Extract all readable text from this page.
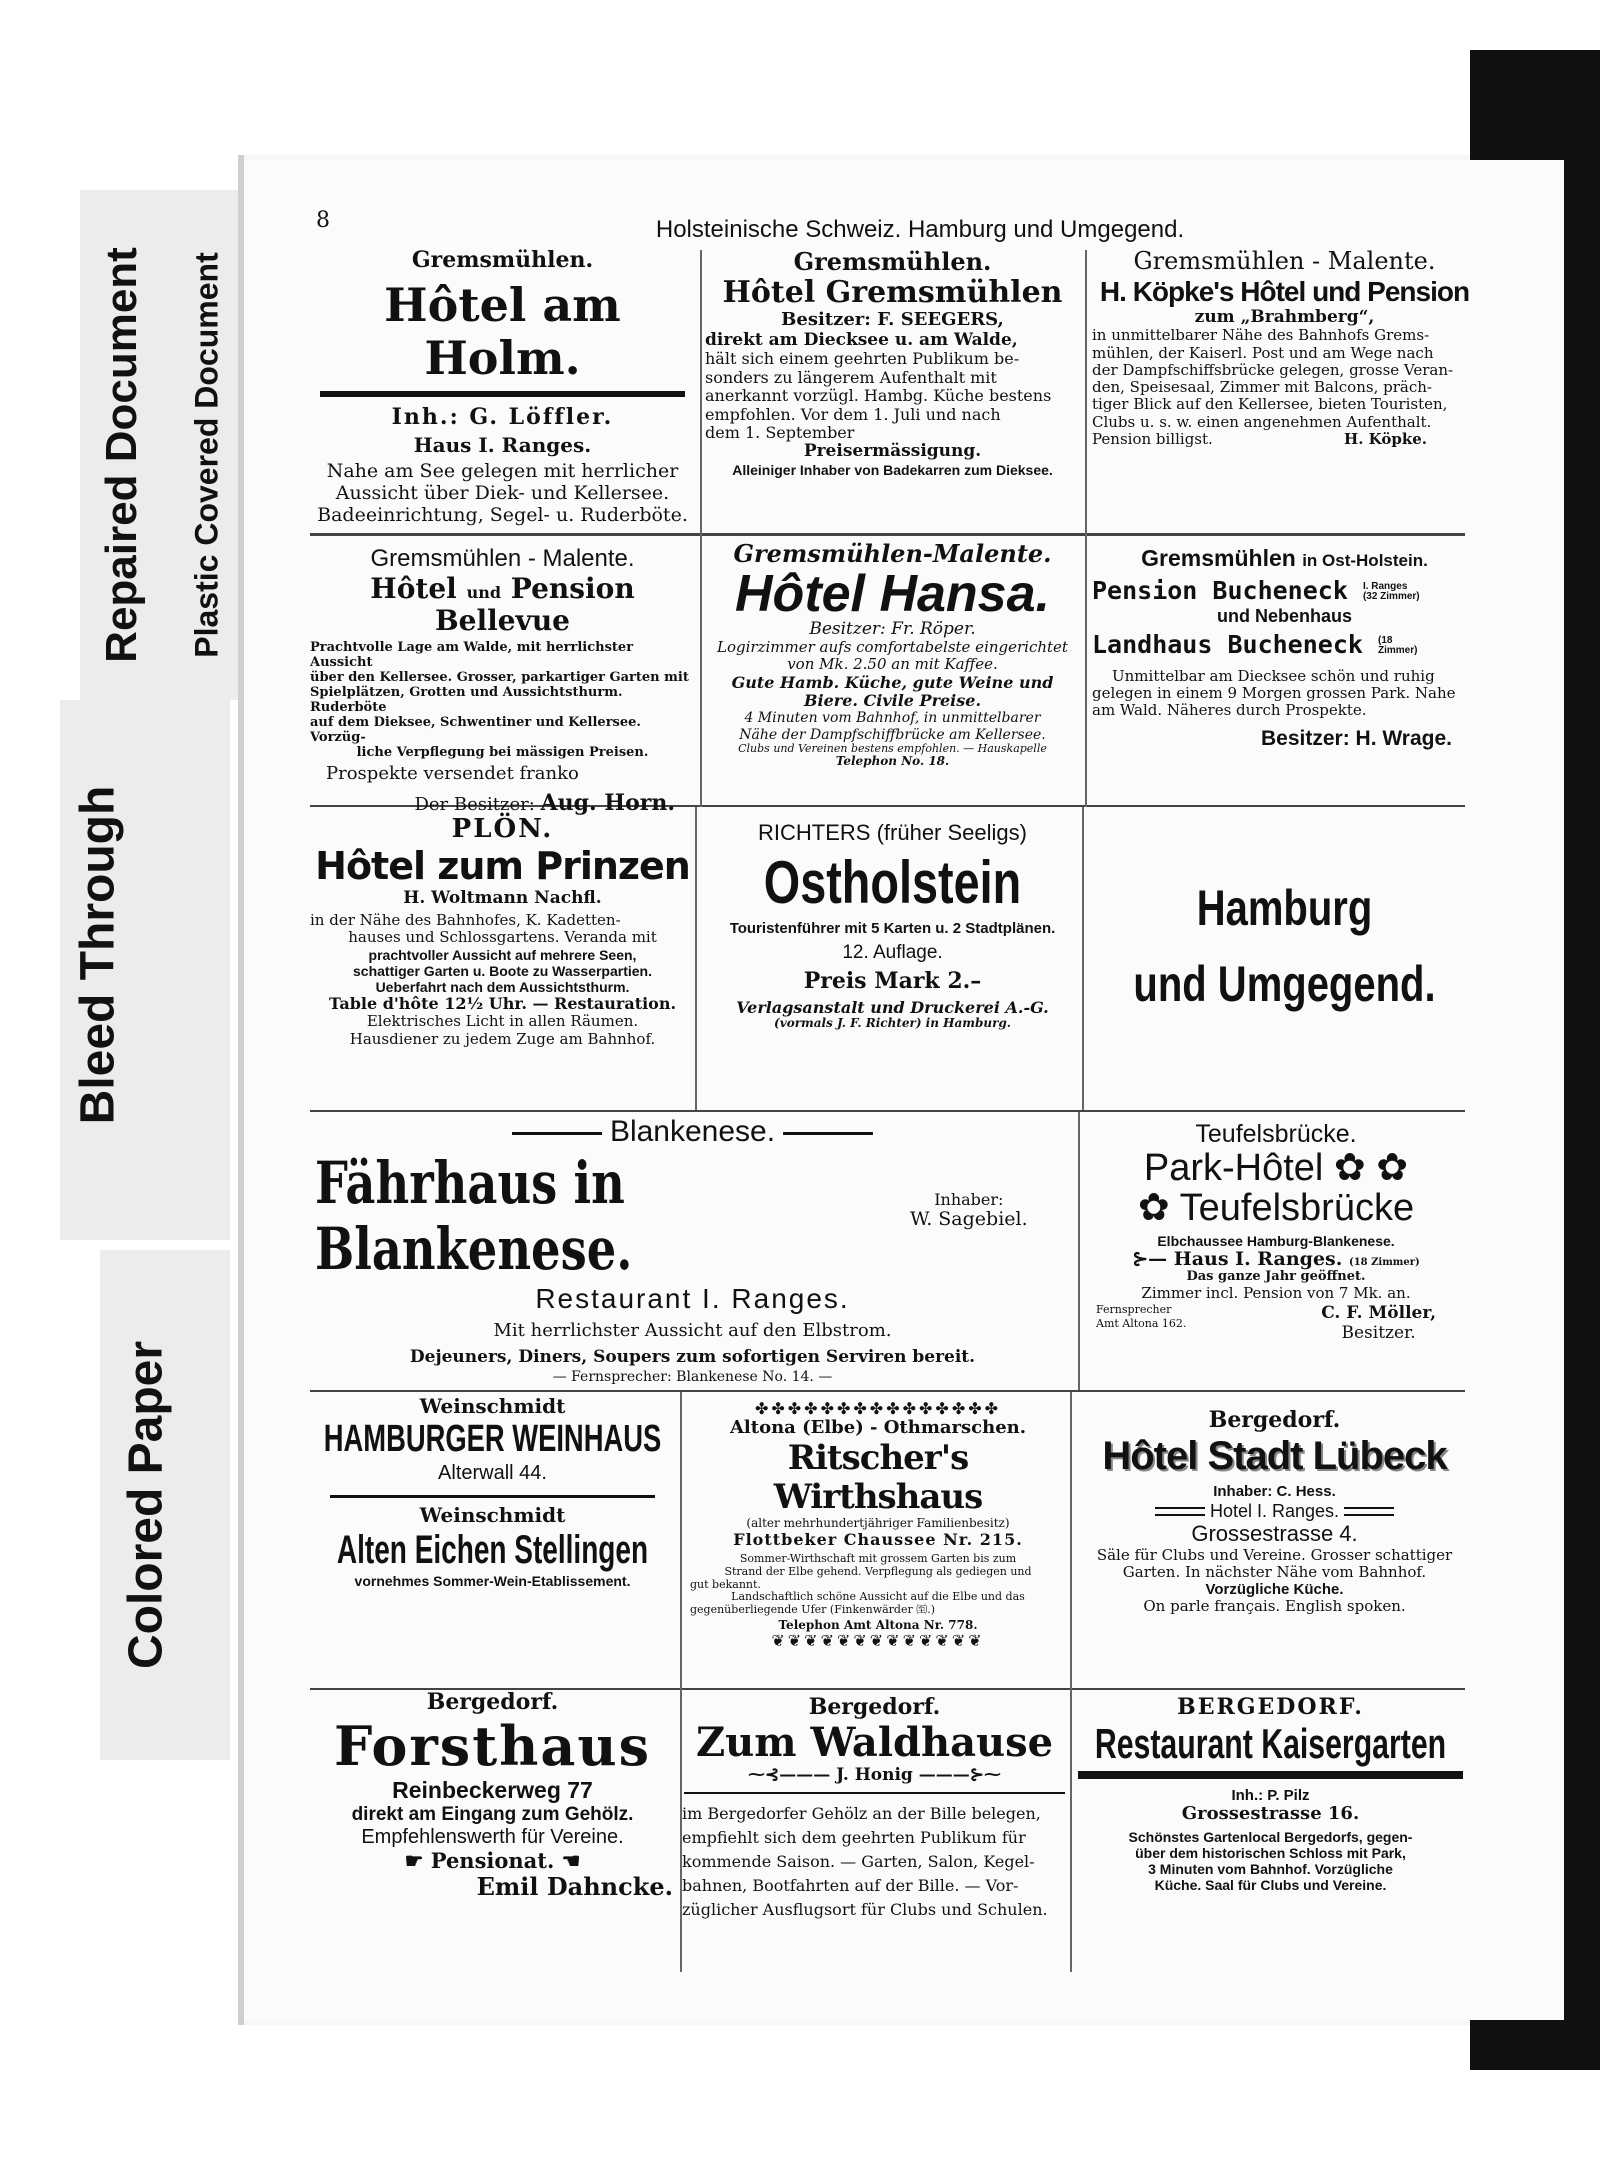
Repaired Document Plastic Covered Document
Bleed Through
Colored Paper
8	Holsteinische Schweiz. Hamburg und Umgegend.
Gremsmühlen.
Hôtel am Holm.
Inh.: G. Löffler.
Haus I. Ranges.
Nahe am See gelegen mit herrlicher
Aussicht über Diek- und Kellersee.
Badeeinrichtung, Segel- u. Ruderböte.
Gremsmühlen.
Hôtel Gremsmühlen
Besitzer: F. SEEGERS,
direkt am Diecksee u. am Walde,
hält sich einem geehrten Publikum be-
sonders zu längerem Aufenthalt mit
anerkannt vorzügl. Hambg. Küche bestens
empfohlen. Vor dem 1. Juli und nach
dem 1. September
Preisermässigung.
Alleiniger Inhaber von Badekarren zum Dieksee.
Gremsmühlen - Malente.
H. Köpke's Hôtel und Pension
zum „Brahmberg“,
in unmittelbarer Nähe des Bahnhofs Grems-
mühlen, der Kaiserl. Post und am Wege nach
der Dampfschiffsbrücke gelegen, grosse Veran-
den, Speisesaal, Zimmer mit Balcons, präch-
tiger Blick auf den Kellersee, bieten Touristen,
Clubs u. s. w. einen angenehmen Aufenthalt.
Pension billigst.	H. Köpke.
Gremsmühlen - Malente.
Hôtel und Pension Bellevue
Prachtvolle Lage am Walde, mit herrlichster Aussicht
über den Kellersee. Grosser, parkartiger Garten mit
Spielplätzen, Grotten und Aussichtsthurm. Ruderböte
auf dem Dieksee, Schwentiner und Kellersee. Vorzüg-
liche Verpflegung bei mässigen Preisen.
Prospekte versendet franko
Der Besitzer: Aug. Horn.
Gremsmühlen-Malente.
Hôtel Hansa.
Besitzer: Fr. Röper.
Logirzimmer aufs comfortabelste eingerichtet
von Mk. 2.50 an mit Kaffee.
Gute Hamb. Küche, gute Weine und
Biere. Civile Preise.
4 Minuten vom Bahnhof, in unmittelbarer
Nähe der Dampfschiffbrücke am Kellersee.
Clubs und Vereinen bestens empfohlen. — Hauskapelle
Telephon No. 18.
Gremsmühlen in Ost-Holstein.
Pension Bucheneck I. Ranges
(32 Zimmer)
und Nebenhaus
Landhaus Bucheneck (18
Zimmer)
Unmittelbar am Diecksee schön und ruhig
gelegen in einem 9 Morgen grossen Park. Nahe
am Wald. Näheres durch Prospekte.
Besitzer: H. Wrage.
PLÖN.
Hôtel zum Prinzen
H. Woltmann Nachfl.
in der Nähe des Bahnhofes, K. Kadetten-
hauses und Schlossgartens. Veranda mit
prachtvoller Aussicht auf mehrere Seen,
schattiger Garten u. Boote zu Wasserpartien.
Ueberfahrt nach dem Aussichtsthurm.
Table d'hôte 12½ Uhr. — Restauration.
Elektrisches Licht in allen Räumen.
Hausdiener zu jedem Zuge am Bahnhof.
RICHTERS (früher Seeligs)
Ostholstein
Touristenführer mit 5 Karten u. 2 Stadtplänen.
12. Auflage.
Preis Mark 2.–
Verlagsanstalt und Druckerei A.-G.
(vormals J. F. Richter) in Hamburg.
Hamburg
und Umgegend.
Blankenese.
Fährhaus in Blankenese.
Inhaber:
W. Sagebiel.
Restaurant I. Ranges.
Mit herrlichster Aussicht auf den Elbstrom.
Dejeuners, Diners, Soupers zum sofortigen Serviren bereit.
— Fernsprecher: Blankenese No. 14. —
Teufelsbrücke.
Park-Hôtel ✿ ✿
✿ Teufelsbrücke
Elbchaussee Hamburg-Blankenese.
⊱— Haus I. Ranges. (18 Zimmer)
Das ganze Jahr geöffnet.
Zimmer incl. Pension von 7 Mk. an.
Fernsprecher
Amt Altona 162.
C. F. Möller,
Besitzer.
Weinschmidt
HAMBURGER WEINHAUS
Alterwall 44.
Weinschmidt
Alten Eichen Stellingen
vornehmes Sommer-Wein-Etablissement.
✤✤✤✤✤✤✤✤✤✤✤✤✤✤✤
Altona (Elbe) - Othmarschen.
Ritscher's Wirthshaus
(alter mehrhundertjähriger Familienbesitz)
Flottbeker Chaussee Nr. 215.
Sommer-Wirthschaft mit grossem Garten bis zum
Strand der Elbe gehend. Verpflegung als gediegen und
gut bekannt.
Landschaftlich schöne Aussicht auf die Elbe und das
gegenüberliegende Ufer (Finkenwärder ㉃.)
Telephon Amt Altona Nr. 778.
❦❦❦❦❦❦❦❦❦❦❦❦❦
Bergedorf.
Hôtel Stadt Lübeck
Inhaber: C. Hess.
Hotel I. Ranges.
Grossestrasse 4.
Säle für Clubs und Vereine. Grosser schattiger
Garten. In nächster Nähe vom Bahnhof.
Vorzügliche Küche.
On parle français. English spoken.
Bergedorf.
Forsthaus
Reinbeckerweg 77
direkt am Eingang zum Gehölz.
Empfehlenswerth für Vereine.
☛ Pensionat. ☚
Emil Dahncke.
Bergedorf.
Zum Waldhause
⁓⊰——— J. Honig ———⊱⁓
im Bergedorfer Gehölz an der Bille belegen,
empfiehlt sich dem geehrten Publikum für
kommende Saison. — Garten, Salon, Kegel-
bahnen, Bootfahrten auf der Bille. — Vor-
züglicher Ausflugsort für Clubs und Schulen.
BERGEDORF.
Restaurant Kaisergarten
Inh.: P. Pilz
Grossestrasse 16.
Schönstes Gartenlocal Bergedorfs, gegen-
über dem historischen Schloss mit Park,
3 Minuten vom Bahnhof. Vorzügliche
Küche. Saal für Clubs und Vereine.
